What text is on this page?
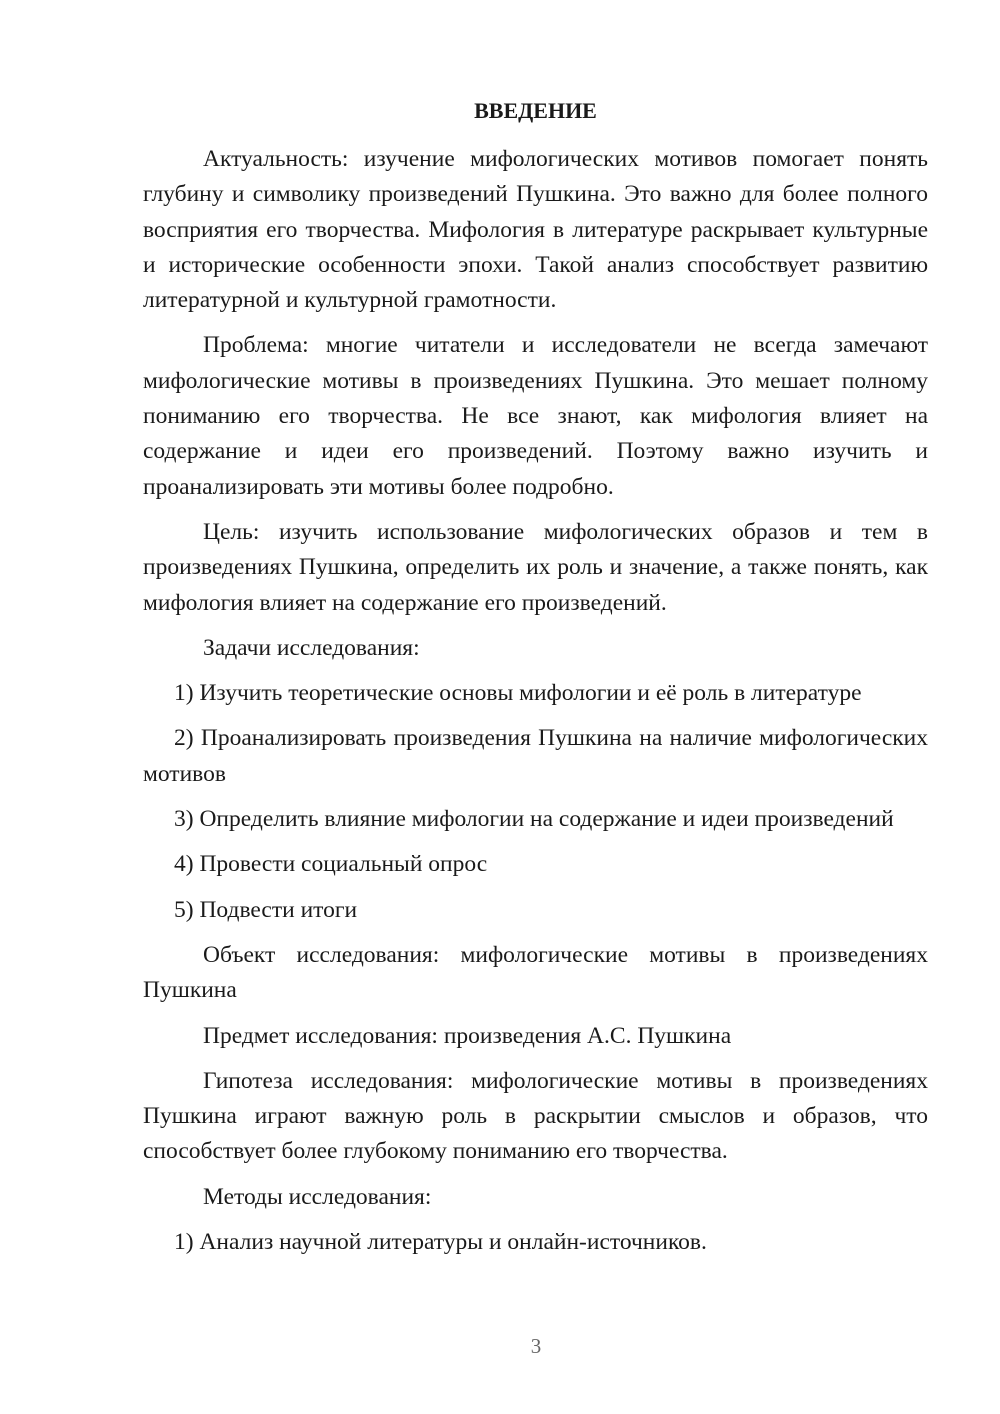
ВВЕДЕНИЕ

Актуальность: изучение мифологических мотивов помогает понять глубину и символику произведений Пушкина. Это важно для более полного восприятия его творчества. Мифология в литературе раскрывает культурные и исторические особенности эпохи. Такой анализ способствует развитию литературной и культурной грамотности.

Проблема: многие читатели и исследователи не всегда замечают мифологические мотивы в произведениях Пушкина. Это мешает полному пониманию его творчества. Не все знают, как мифология влияет на содержание и идеи его произведений. Поэтому важно изучить и проанализировать эти мотивы более подробно.

Цель: изучить использование мифологических образов и тем в произведениях Пушкина, определить их роль и значение, а также понять, как мифология влияет на содержание его произведений.

Задачи исследования:

1) Изучить теоретические основы мифологии и её роль в литературе

2) Проанализировать произведения Пушкина на наличие мифологических мотивов

3) Определить влияние мифологии на содержание и идеи произведений

4) Провести социальный опрос

5) Подвести итоги

Объект исследования: мифологические мотивы в произведениях Пушкина

Предмет исследования: произведения А.С. Пушкина

Гипотеза исследования: мифологические мотивы в произведениях Пушкина играют важную роль в раскрытии смыслов и образов, что способствует более глубокому пониманию его творчества.

Методы исследования:

1) Анализ научной литературы и онлайн-источников.

3
